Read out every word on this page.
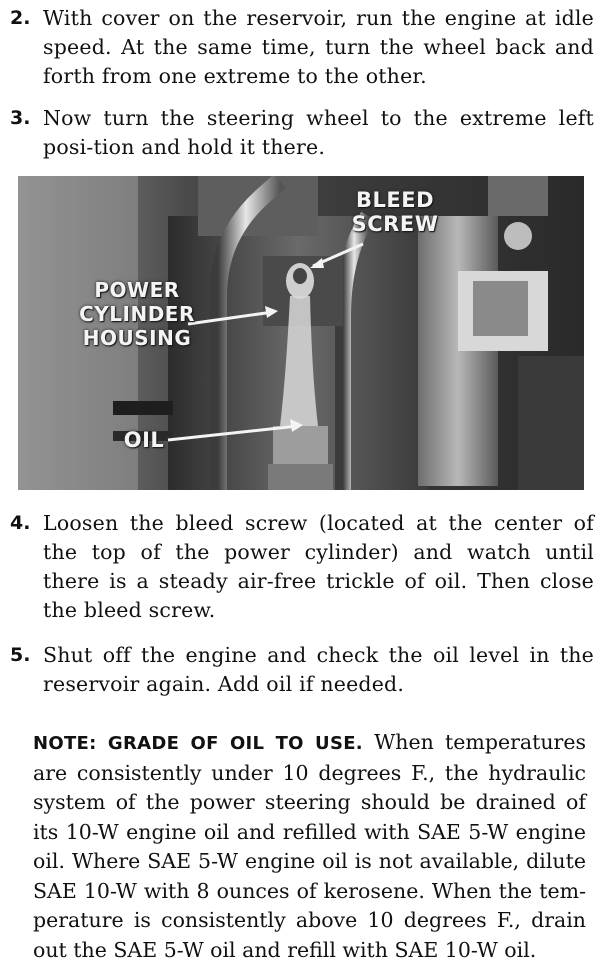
2. With cover on the reservoir, run the engine at idle speed. At the same time, turn the wheel back and forth from one extreme to the other.
3. Now turn the steering wheel to the extreme left posi-tion and hold it there.
BLEED SCREW
POWER CYLINDER HOUSING
OIL
4. Loosen the bleed screw (located at the center of the top of the power cylinder) and watch until there is a steady air-free trickle of oil. Then close the bleed screw.
5. Shut off the engine and check the oil level in the reservoir again. Add oil if needed.
NOTE: GRADE OF OIL TO USE. When temperatures are consistently under 10 degrees F., the hydraulic system of the power steering should be drained of its 10-W engine oil and refilled with SAE 5-W engine oil. Where SAE 5-W engine oil is not available, dilute SAE 10-W with 8 ounces of kerosene. When the tem-perature is consistently above 10 degrees F., drain out the SAE 5-W oil and refill with SAE 10-W oil.
